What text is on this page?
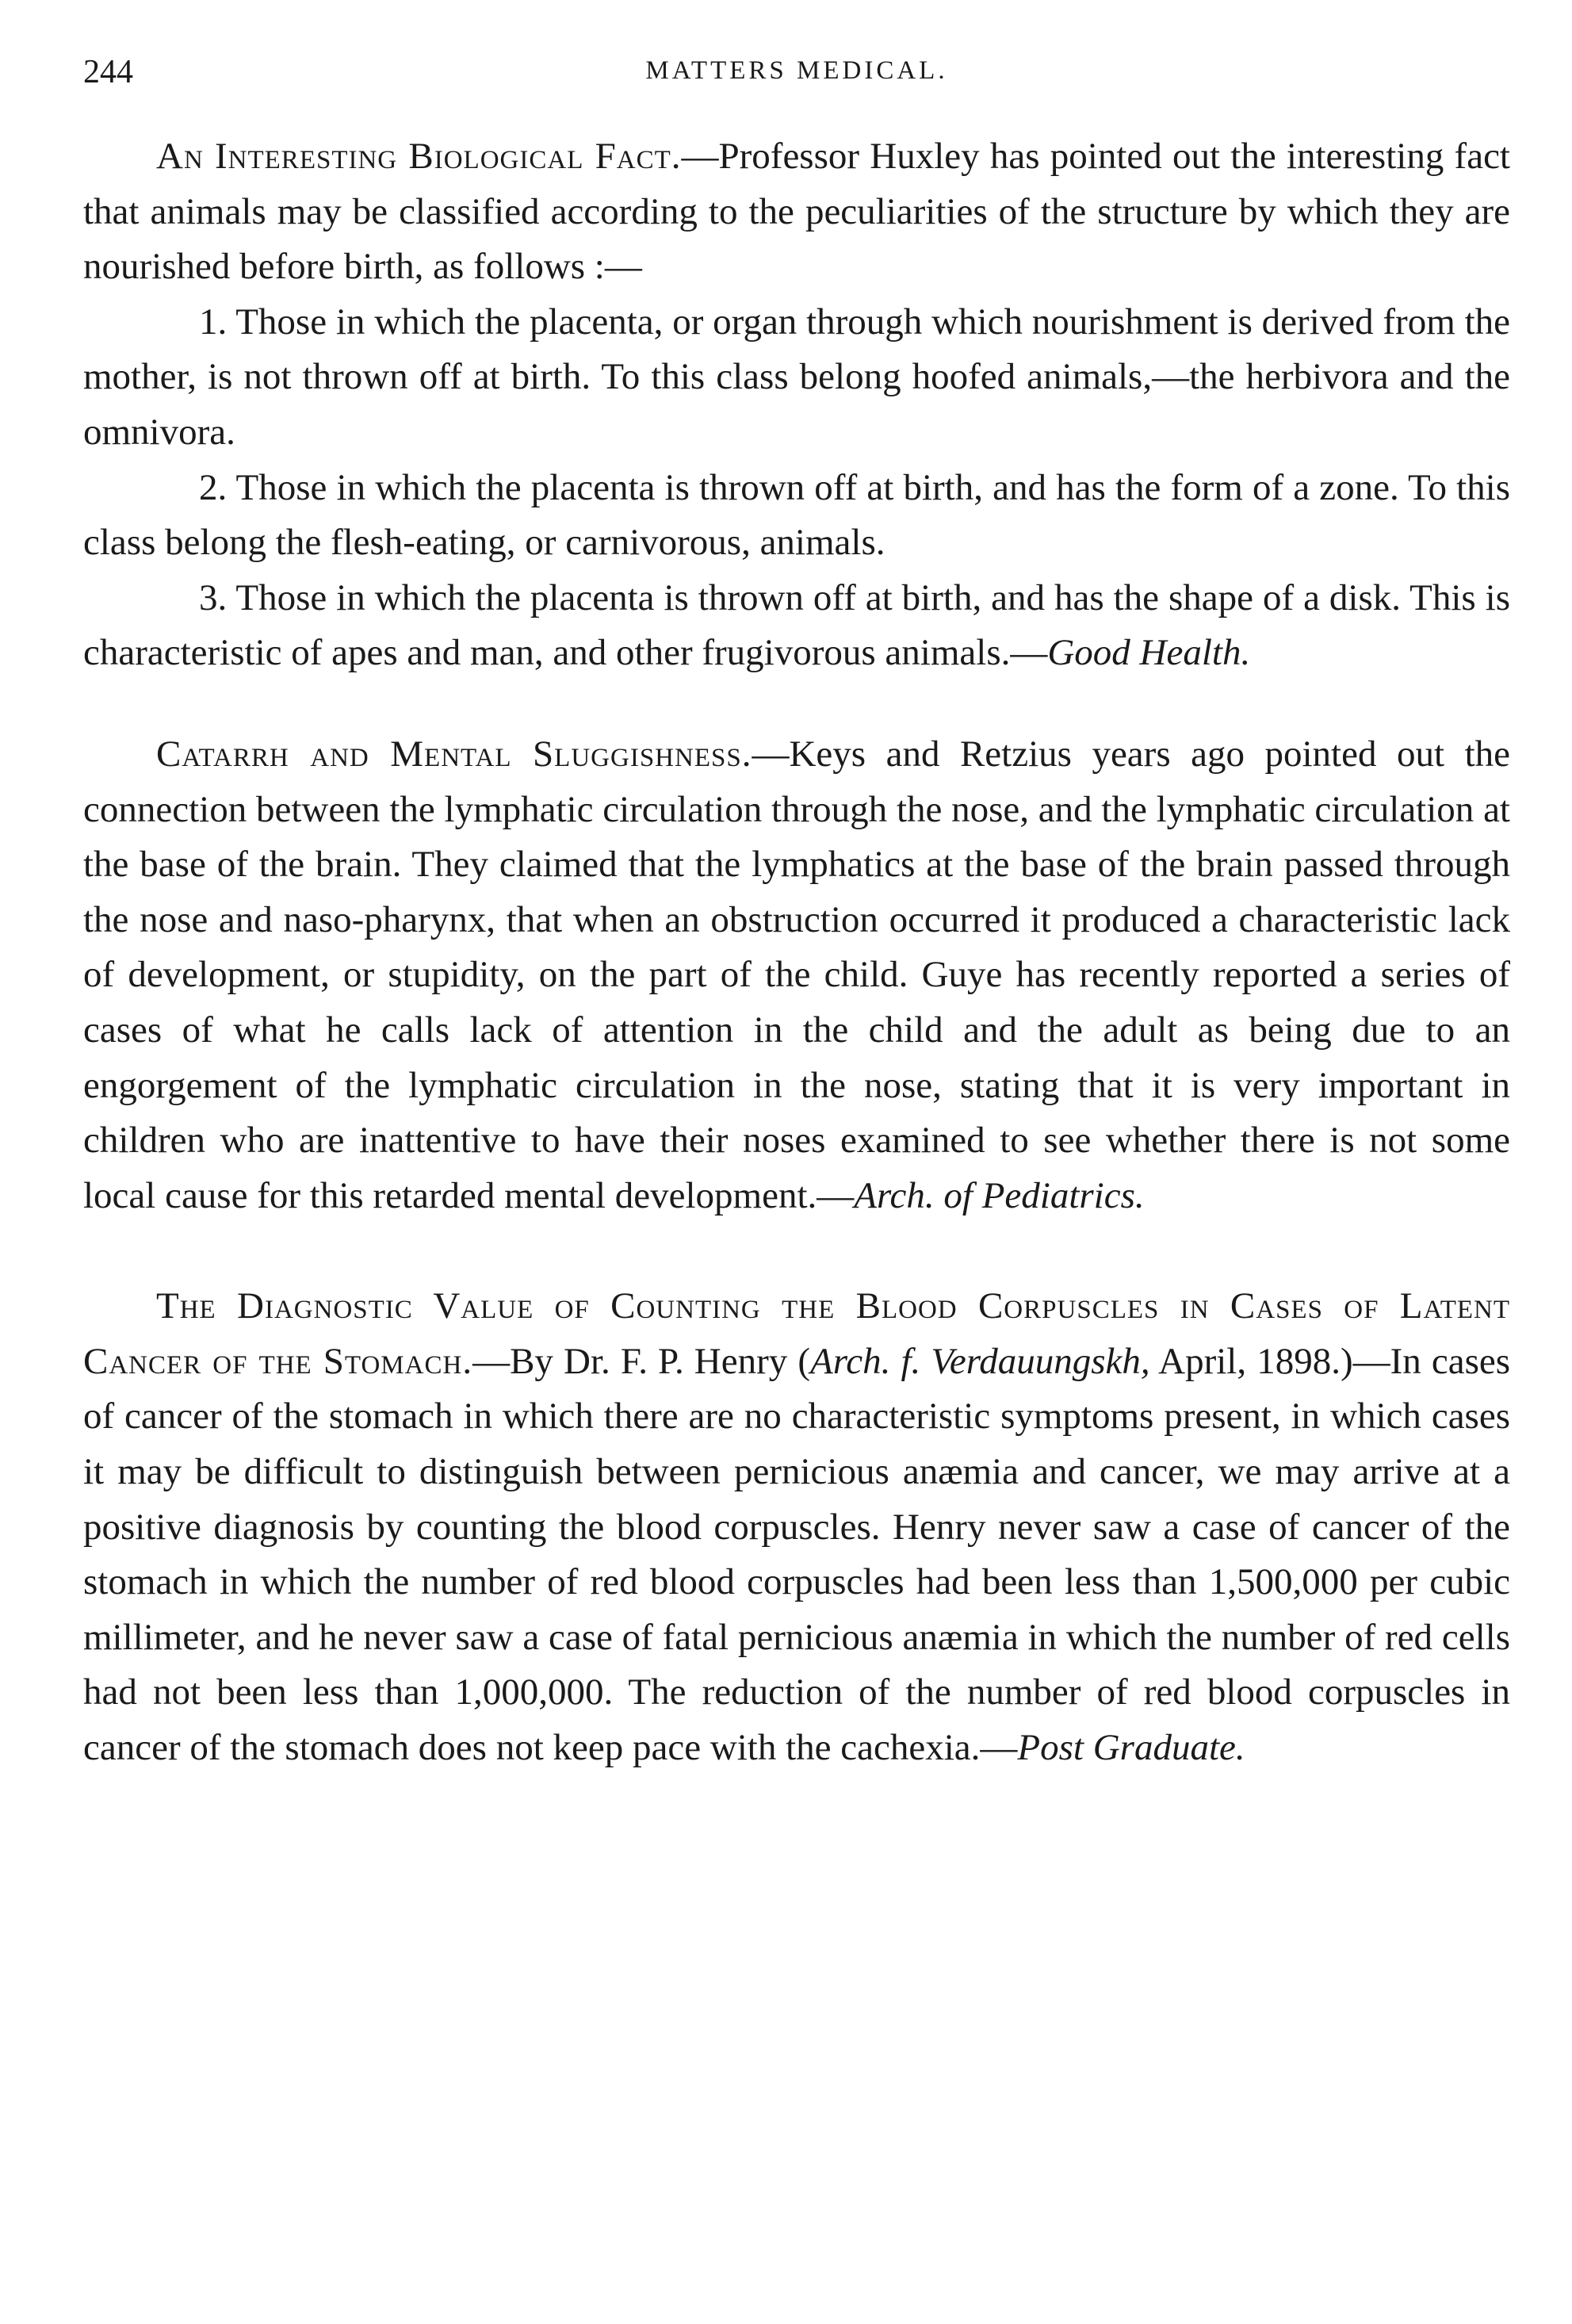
244	MATTERS MEDICAL.

An Interesting Biological Fact.—Professor Huxley has pointed out the interesting fact that animals may be classified according to the peculiarities of the structure by which they are nourished before birth, as follows :—

1. Those in which the placenta, or organ through which nourishment is derived from the mother, is not thrown off at birth. To this class belong hoofed animals,—the herbivora and the omnivora.

2. Those in which the placenta is thrown off at birth, and has the form of a zone. To this class belong the flesh-eating, or carnivorous, animals.

3. Those in which the placenta is thrown off at birth, and has the shape of a disk. This is characteristic of apes and man, and other frugivorous animals.—Good Health.

Catarrh and Mental Sluggishness.—Keys and Retzius years ago pointed out the connection between the lymphatic circulation through the nose, and the lymphatic circulation at the base of the brain. They claimed that the lymphatics at the base of the brain passed through the nose and naso-pharynx, that when an obstruction occurred it produced a characteristic lack of development, or stupidity, on the part of the child. Guye has recently reported a series of cases of what he calls lack of attention in the child and the adult as being due to an engorgement of the lymphatic circulation in the nose, stating that it is very important in children who are inattentive to have their noses examined to see whether there is not some local cause for this retarded mental development.—Arch. of Pediatrics.

The Diagnostic Value of Counting the Blood Corpuscles in Cases of Latent Cancer of the Stomach.—By Dr. F. P. Henry (Arch. f. Verdauungskh, April, 1898.)—In cases of cancer of the stomach in which there are no characteristic symptoms present, in which cases it may be difficult to distinguish between pernicious anæmia and cancer, we may arrive at a positive diagnosis by counting the blood corpuscles. Henry never saw a case of cancer of the stomach in which the number of red blood corpuscles had been less than 1,500,000 per cubic millimeter, and he never saw a case of fatal pernicious anæmia in which the number of red cells had not been less than 1,000,000. The reduction of the number of red blood corpuscles in cancer of the stomach does not keep pace with the cachexia.—Post Graduate.
